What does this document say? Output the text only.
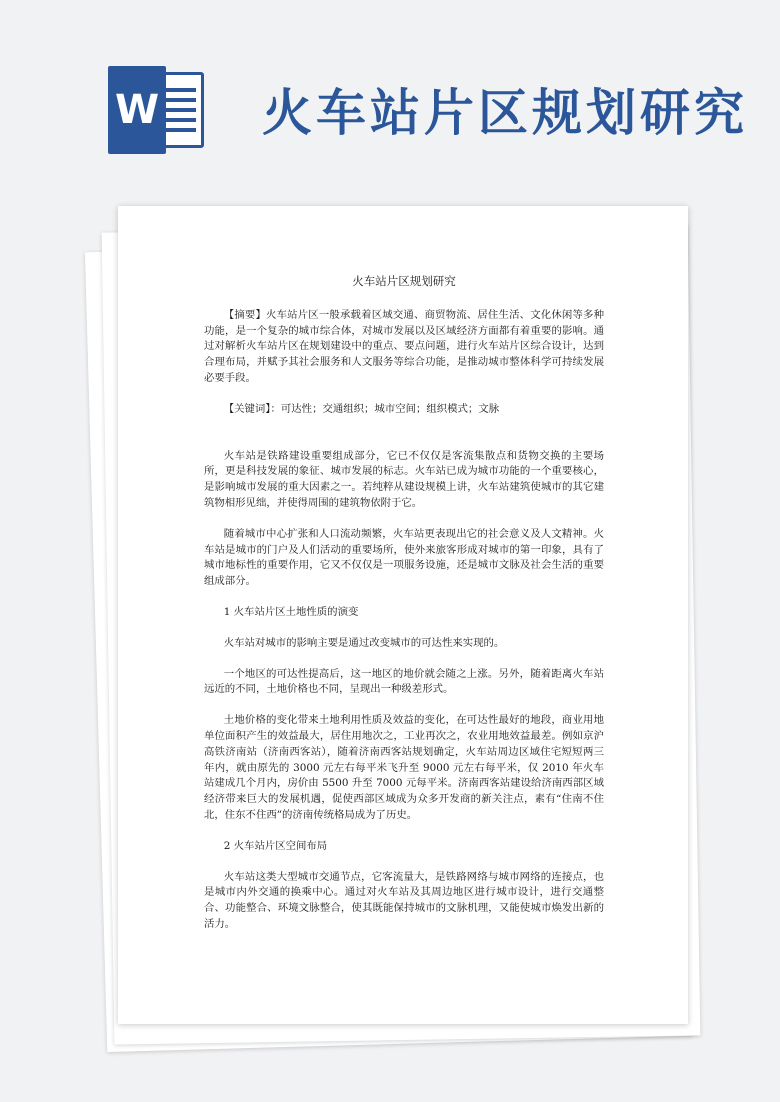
W 火车站片区规划研究
火车站片区规划研究

【摘要】火车站片区一般承载着区域交通、商贸物流、居住生活、文化休闲等多种功能，是一个复杂的城市综合体，对城市发展以及区域经济方面都有着重要的影响。通过对解析火车站片区在规划建设中的重点、要点问题，进行火车站片区综合设计，达到合理布局，并赋予其社会服务和人文服务等综合功能，是推动城市整体科学可持续发展必要手段。

【关键词】：可达性；交通组织；城市空间；组织模式；文脉

火车站是铁路建设重要组成部分，它已不仅仅是客流集散点和货物交换的主要场所，更是科技发展的象征、城市发展的标志。火车站已成为城市功能的一个重要核心，是影响城市发展的重大因素之一。若纯粹从建设规模上讲，火车站建筑使城市的其它建筑物相形见绌，并使得周围的建筑物依附于它。

随着城市中心扩张和人口流动频繁，火车站更表现出它的社会意义及人文精神。火车站是城市的门户及人们活动的重要场所，使外来旅客形成对城市的第一印象，具有了城市地标性的重要作用，它又不仅仅是一项服务设施，还是城市文脉及社会生活的重要组成部分。

1 火车站片区土地性质的演变

火车站对城市的影响主要是通过改变城市的可达性来实现的。

一个地区的可达性提高后，这一地区的地价就会随之上涨。另外，随着距离火车站远近的不同，土地价格也不同，呈现出一种级差形式。

土地价格的变化带来土地利用性质及效益的变化，在可达性最好的地段，商业用地单位面积产生的效益最大，居住用地次之，工业再次之，农业用地效益最差。例如京沪高铁济南站（济南西客站），随着济南西客站规划确定，火车站周边区域住宅短短两三年内，就由原先的 3000 元左右每平米飞升至 9000 元左右每平米，仅 2010 年火车站建成几个月内，房价由 5500 升至 7000 元每平米。济南西客站建设给济南西部区域经济带来巨大的发展机遇，促使西部区域成为众多开发商的新关注点，素有“住南不住北，住东不住西”的济南传统格局成为了历史。

2 火车站片区空间布局

火车站这类大型城市交通节点，它客流量大，是铁路网络与城市网络的连接点，也是城市内外交通的换乘中心。通过对火车站及其周边地区进行城市设计，进行交通整合、功能整合、环境文脉整合，使其既能保持城市的文脉机理，又能使城市焕发出新的活力。
